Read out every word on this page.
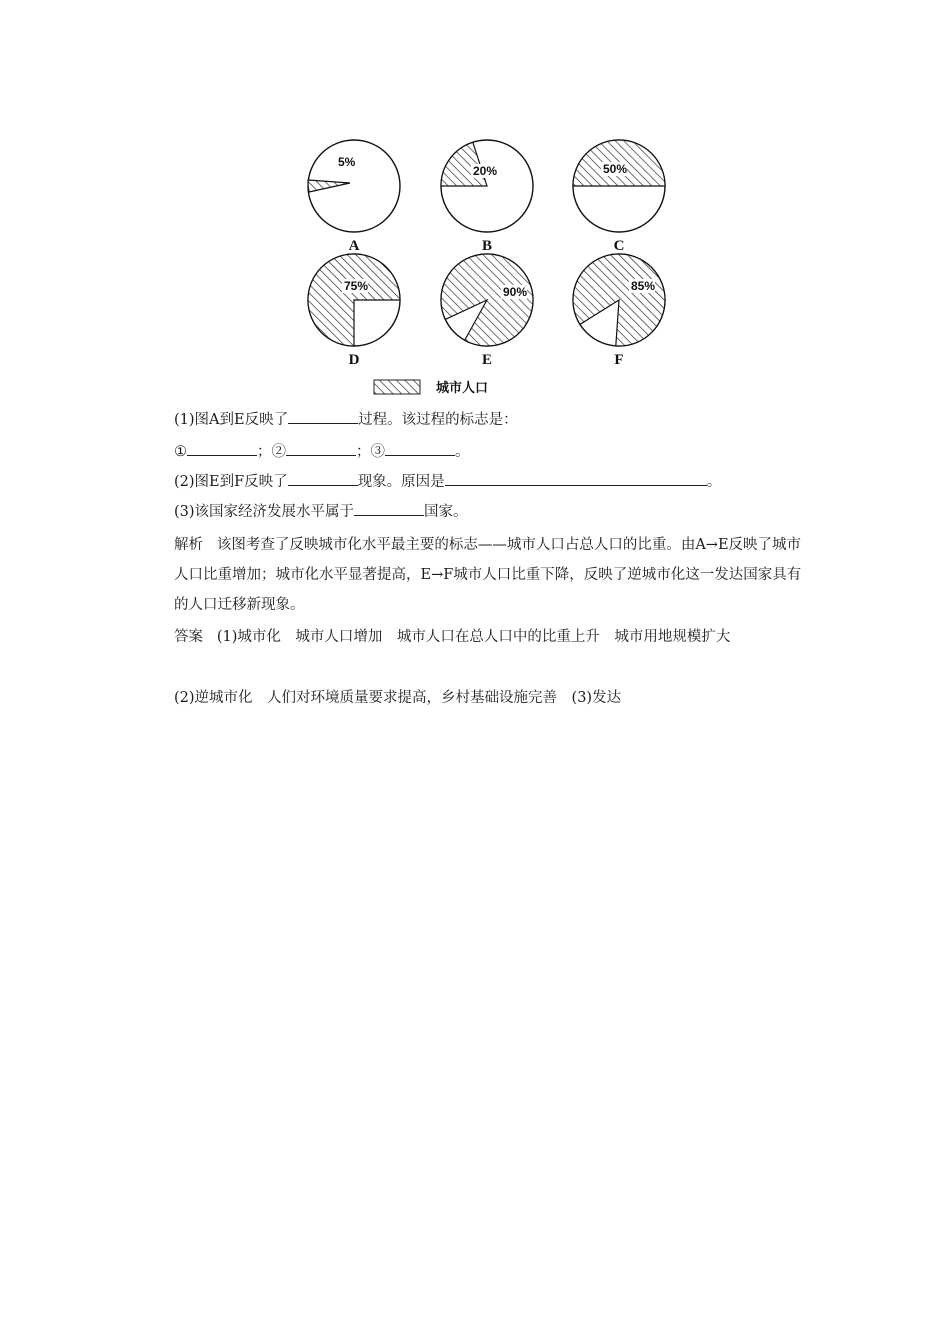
5%
A
20%
B
50%
C
75%
D
90%
E
85%
F
城市人口
(1)图A到E反映了	过程。该过程的标志是：
①	；②	；③	。
(2)图E到F反映了	现象。原因是	。
(3)该国家经济发展水平属于	国家。
解析 该图考查了反映城市化水平最主要的标志——城市人口占总人口的比重。由A→E反映了城市人口比重增加；城市化水平显著提高，E→F城市人口比重下降，反映了逆城市化这一发达国家具有的人口迁移新现象。
答案 (1)城市化　城市人口增加　城市人口在总人口中的比重上升　城市用地规模扩大
(2)逆城市化　人们对环境质量要求提高，乡村基础设施完善　(3)发达
